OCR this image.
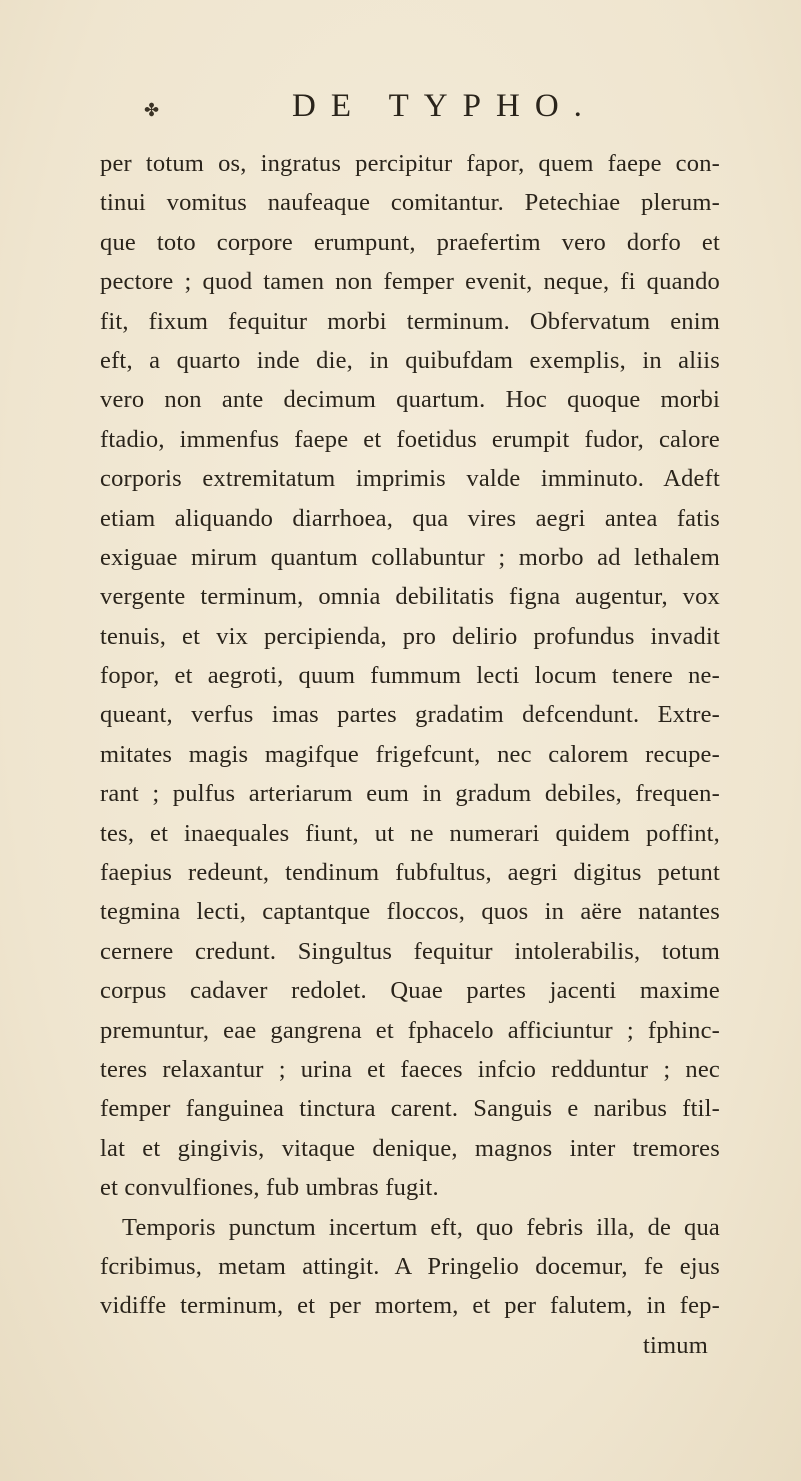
✤	DE TYPHO.
per totum os, ingratus percipitur fapor, quem faepe con-
tinui vomitus naufeaque comitantur. Petechiae plerum-
que toto corpore erumpunt, praefertim vero dorfo et
pectore ; quod tamen non femper evenit, neque, fi quando
fit, fixum fequitur morbi terminum. Obfervatum enim
eft, a quarto inde die, in quibufdam exemplis, in aliis
vero non ante decimum quartum. Hoc quoque morbi
ftadio, immenfus faepe et foetidus erumpit fudor, calore
corporis extremitatum imprimis valde imminuto. Adeft
etiam aliquando diarrhoea, qua vires aegri antea fatis
exiguae mirum quantum collabuntur ; morbo ad lethalem
vergente terminum, omnia debilitatis figna augentur, vox
tenuis, et vix percipienda, pro delirio profundus invadit
fopor, et aegroti, quum fummum lecti locum tenere ne-
queant, verfus imas partes gradatim defcendunt. Extre-
mitates magis magifque frigefcunt, nec calorem recupe-
rant ; pulfus arteriarum eum in gradum debiles, frequen-
tes, et inaequales fiunt, ut ne numerari quidem poffint,
faepius redeunt, tendinum fubfultus, aegri digitus petunt
tegmina lecti, captantque floccos, quos in aëre natantes
cernere credunt. Singultus fequitur intolerabilis, totum
corpus cadaver redolet. Quae partes jacenti maxime
premuntur, eae gangrena et fphacelo afficiuntur ; fphinc-
teres relaxantur ; urina et faeces infcio redduntur ; nec
femper fanguinea tinctura carent. Sanguis e naribus ftil-
lat et gingivis, vitaque denique, magnos inter tremores
et convulfiones, fub umbras fugit.
Temporis punctum incertum eft, quo febris illa, de qua
fcribimus, metam attingit. A Pringelio docemur, fe ejus
vidiffe terminum, et per mortem, et per falutem, in fep-
timum
